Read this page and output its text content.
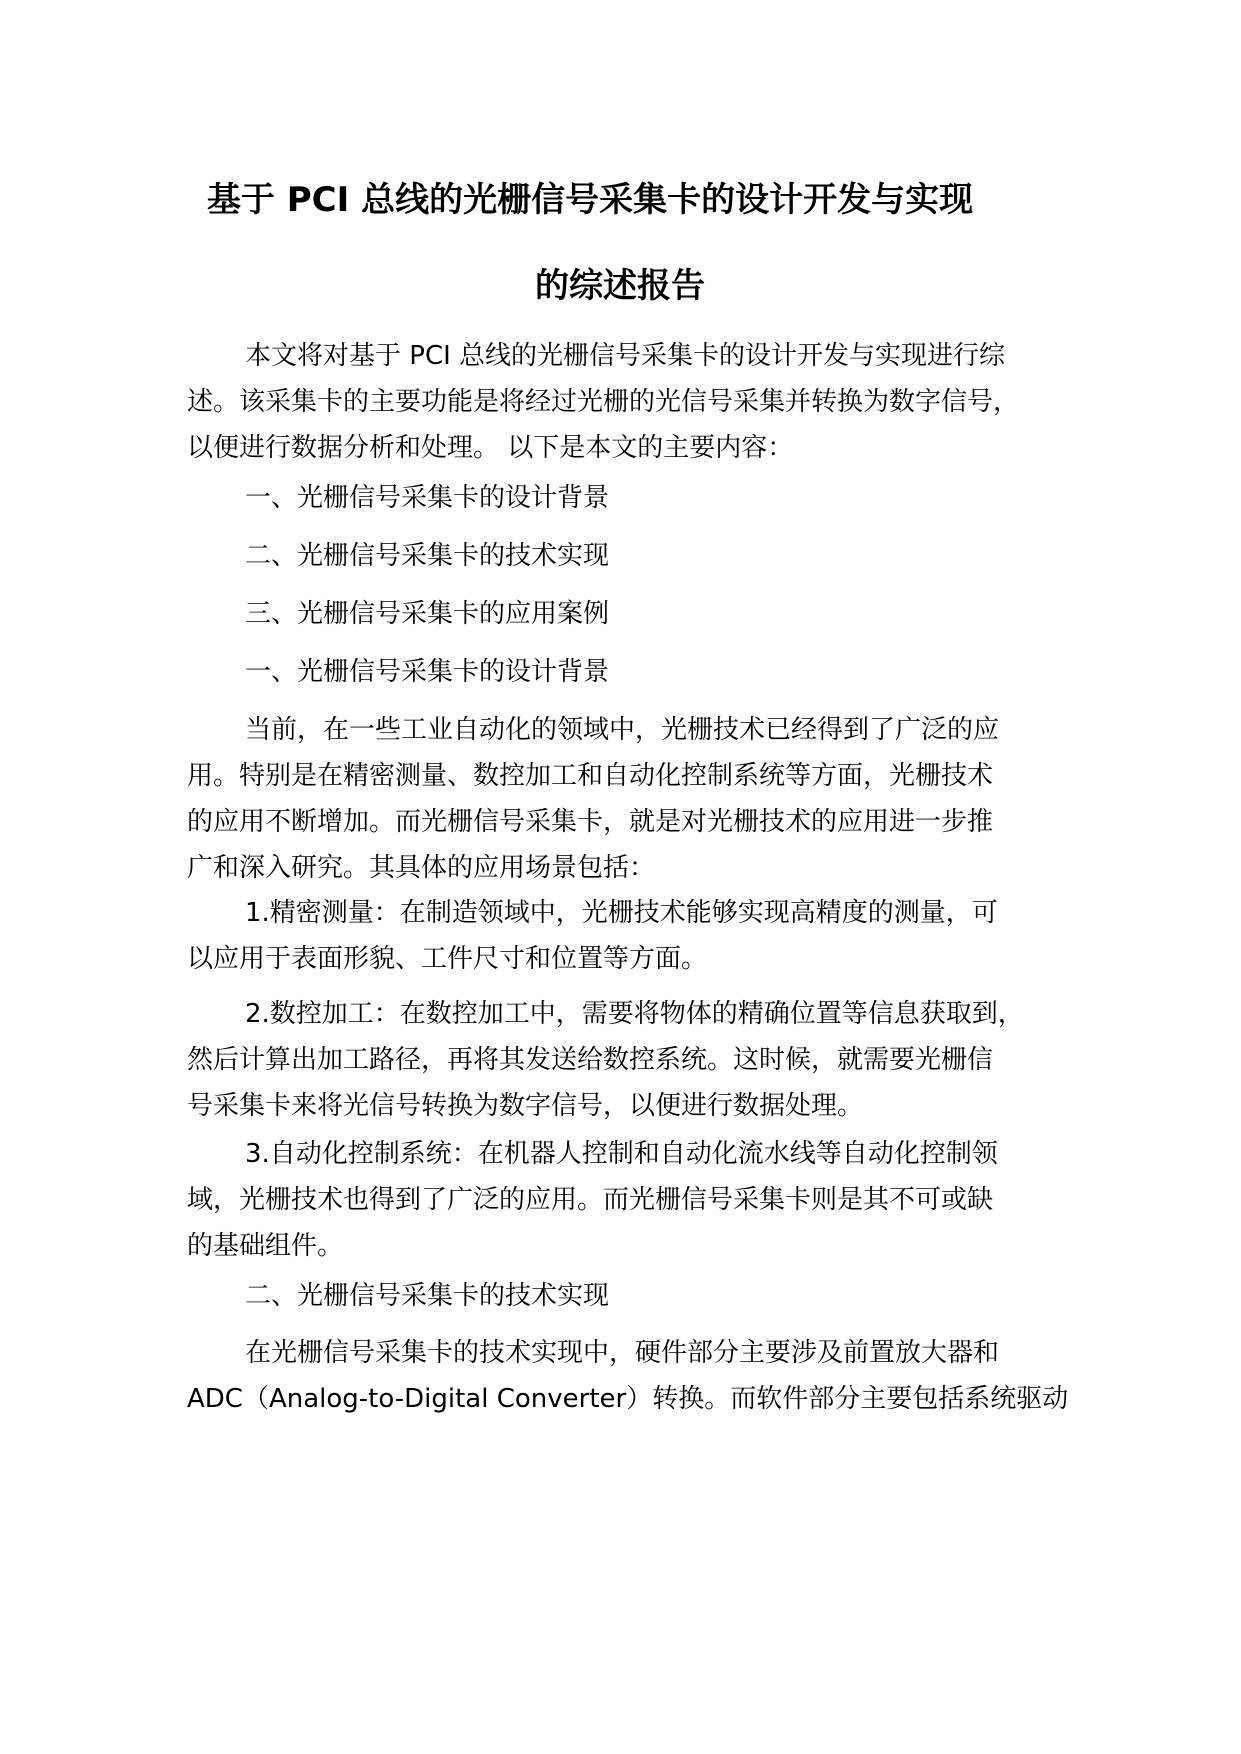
基于 PCI 总线的光栅信号采集卡的设计开发与实现
的综述报告
本文将对基于 PCI 总线的光栅信号采集卡的设计开发与实现进行综
述。该采集卡的主要功能是将经过光栅的光信号采集并转换为数字信号，
以便进行数据分析和处理。 以下是本文的主要内容：
一、光栅信号采集卡的设计背景
二、光栅信号采集卡的技术实现
三、光栅信号采集卡的应用案例
一、光栅信号采集卡的设计背景
当前，在一些工业自动化的领域中，光栅技术已经得到了广泛的应
用。特别是在精密测量、数控加工和自动化控制系统等方面，光栅技术
的应用不断增加。而光栅信号采集卡，就是对光栅技术的应用进一步推
广和深入研究。其具体的应用场景包括：
1.精密测量：在制造领域中，光栅技术能够实现高精度的测量，可
以应用于表面形貌、工件尺寸和位置等方面。
2.数控加工：在数控加工中，需要将物体的精确位置等信息获取到，
然后计算出加工路径，再将其发送给数控系统。这时候，就需要光栅信
号采集卡来将光信号转换为数字信号，以便进行数据处理。
3.自动化控制系统：在机器人控制和自动化流水线等自动化控制领
域，光栅技术也得到了广泛的应用。而光栅信号采集卡则是其不可或缺
的基础组件。
二、光栅信号采集卡的技术实现
在光栅信号采集卡的技术实现中，硬件部分主要涉及前置放大器和
ADC（Analog-to-Digital Converter）转换。而软件部分主要包括系统驱动
